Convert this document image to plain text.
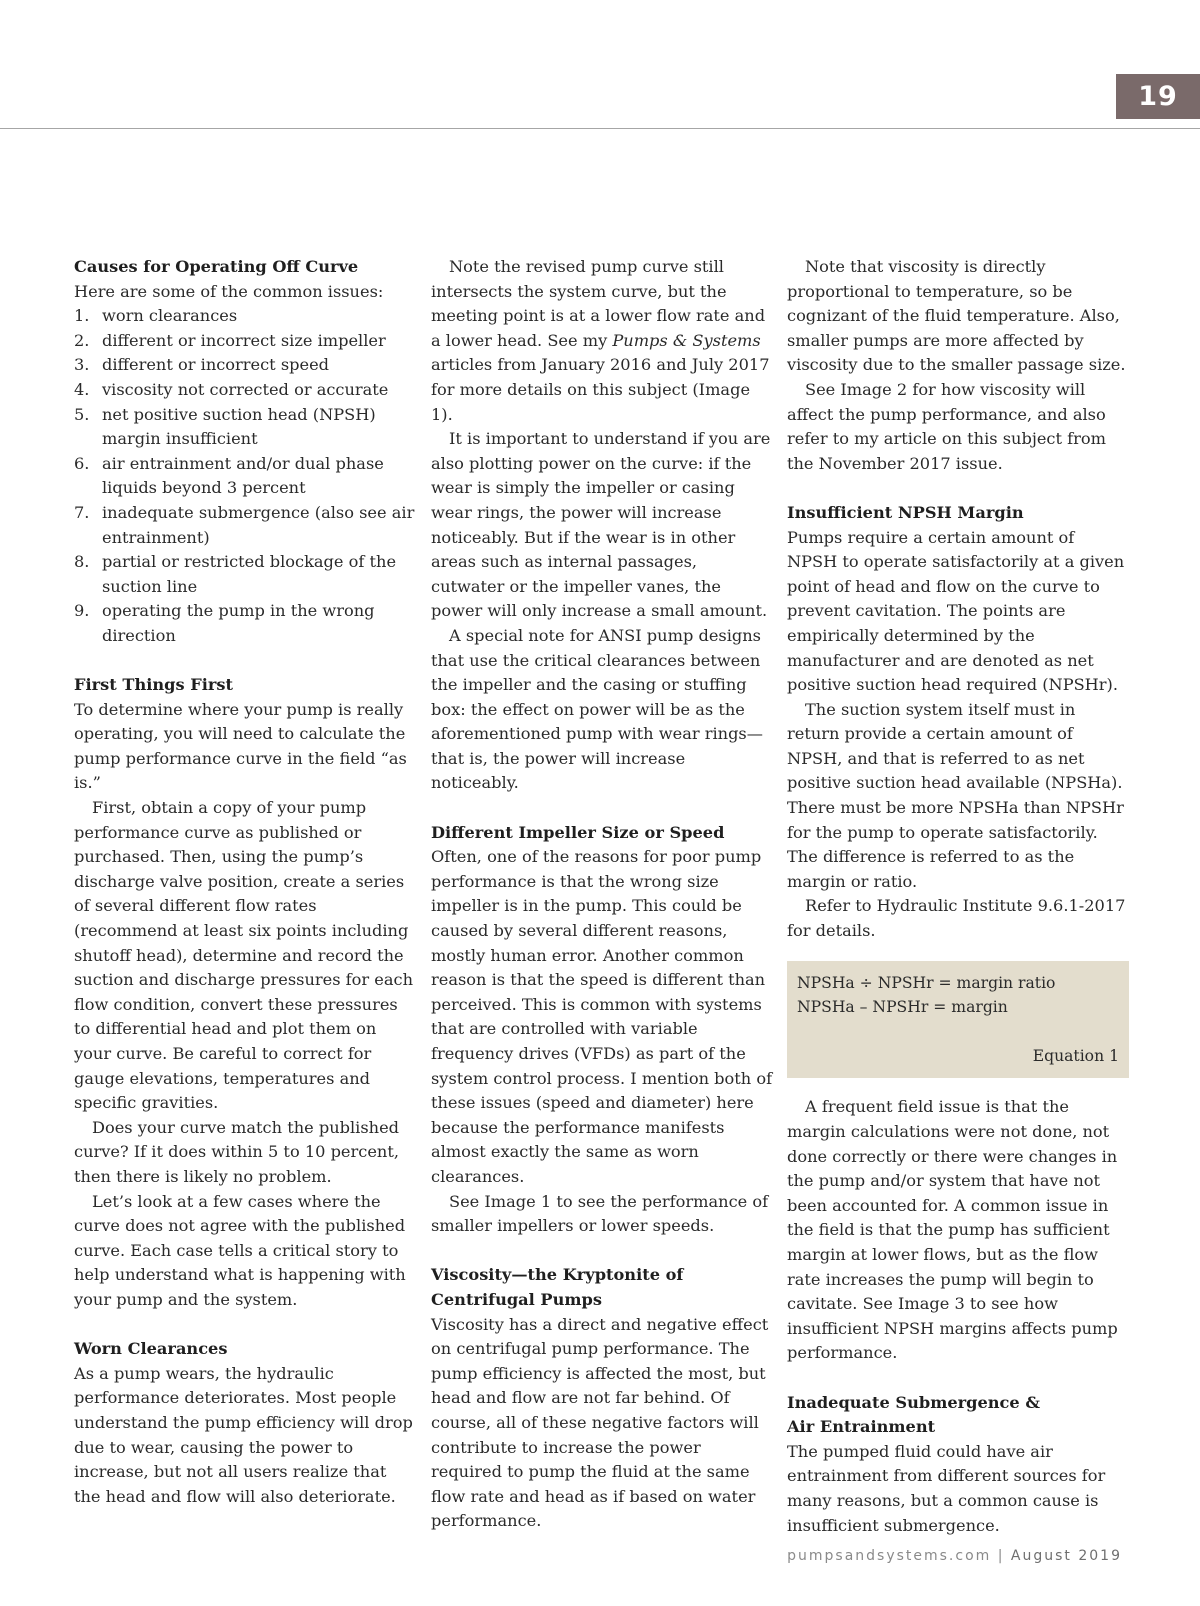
19
Causes for Operating Off Curve

Here are some of the common issues:

1. worn clearances
2. different or incorrect size impeller
3. different or incorrect speed
4. viscosity not corrected or accurate
5. net positive suction head (NPSH) margin insufficient
6. air entrainment and/or dual phase liquids beyond 3 percent
7. inadequate submergence (also see air entrainment)
8. partial or restricted blockage of the suction line
9. operating the pump in the wrong direction
First Things First

To determine where your pump is really operating, you will need to calculate the pump performance curve in the field “as is.”

First, obtain a copy of your pump performance curve as published or purchased. Then, using the pump’s discharge valve position, create a series of several different flow rates (recommend at least six points including shutoff head), determine and record the suction and discharge pressures for each flow condition, convert these pressures to differential head and plot them on your curve. Be careful to correct for gauge elevations, temperatures and specific gravities.

Does your curve match the published curve? If it does within 5 to 10 percent, then there is likely no problem.

Let’s look at a few cases where the curve does not agree with the published curve. Each case tells a critical story to help understand what is happening with your pump and the system.

Worn Clearances

As a pump wears, the hydraulic performance deteriorates. Most people understand the pump efficiency will drop due to wear, causing the power to increase, but not all users realize that the head and flow will also deteriorate.

Note the revised pump curve still intersects the system curve, but the meeting point is at a lower flow rate and a lower head. See my Pumps & Systems articles from January 2016 and July 2017 for more details on this subject (Image 1).

It is important to understand if you are also plotting power on the curve: if the wear is simply the impeller or casing wear rings, the power will increase noticeably. But if the wear is in other areas such as internal passages, cutwater or the impeller vanes, the power will only increase a small amount.

A special note for ANSI pump designs that use the critical clearances between the impeller and the casing or stuffing box: the effect on power will be as the aforementioned pump with wear rings—that is, the power will increase noticeably.

Different Impeller Size or Speed

Often, one of the reasons for poor pump performance is that the wrong size impeller is in the pump. This could be caused by several different reasons, mostly human error. Another common reason is that the speed is different than perceived. This is common with systems that are controlled with variable frequency drives (VFDs) as part of the system control process. I mention both of these issues (speed and diameter) here because the performance manifests almost exactly the same as worn clearances.

See Image 1 to see the performance of smaller impellers or lower speeds.

Viscosity—the Kryptonite of
Centrifugal Pumps

Viscosity has a direct and negative effect on centrifugal pump performance. The pump efficiency is affected the most, but head and flow are not far behind. Of course, all of these negative factors will contribute to increase the power required to pump the fluid at the same flow rate and head as if based on water performance.

Note that viscosity is directly proportional to temperature, so be cognizant of the fluid temperature. Also, smaller pumps are more affected by viscosity due to the smaller passage size.

See Image 2 for how viscosity will affect the pump performance, and also refer to my article on this subject from the November 2017 issue.

Insufficient NPSH Margin

Pumps require a certain amount of NPSH to operate satisfactorily at a given point of head and flow on the curve to prevent cavitation. The points are empirically determined by the manufacturer and are denoted as net positive suction head required (NPSHr).

The suction system itself must in return provide a certain amount of NPSH, and that is referred to as net positive suction head available (NPSHa). There must be more NPSHa than NPSHr for the pump to operate satisfactorily. The difference is referred to as the margin or ratio.

Refer to Hydraulic Institute 9.6.1-2017 for details.

NPSHa ÷ NPSHr = margin ratio
NPSHa – NPSHr = margin
Equation 1

A frequent field issue is that the margin calculations were not done, not done correctly or there were changes in the pump and/or system that have not been accounted for. A common issue in the field is that the pump has sufficient margin at lower flows, but as the flow rate increases the pump will begin to cavitate. See Image 3 to see how insufficient NPSH margins affects pump performance.

Inadequate Submergence &
Air Entrainment

The pumped fluid could have air entrainment from different sources for many reasons, but a common cause is insufficient submergence.

pumpsandsystems.com | August 2019
